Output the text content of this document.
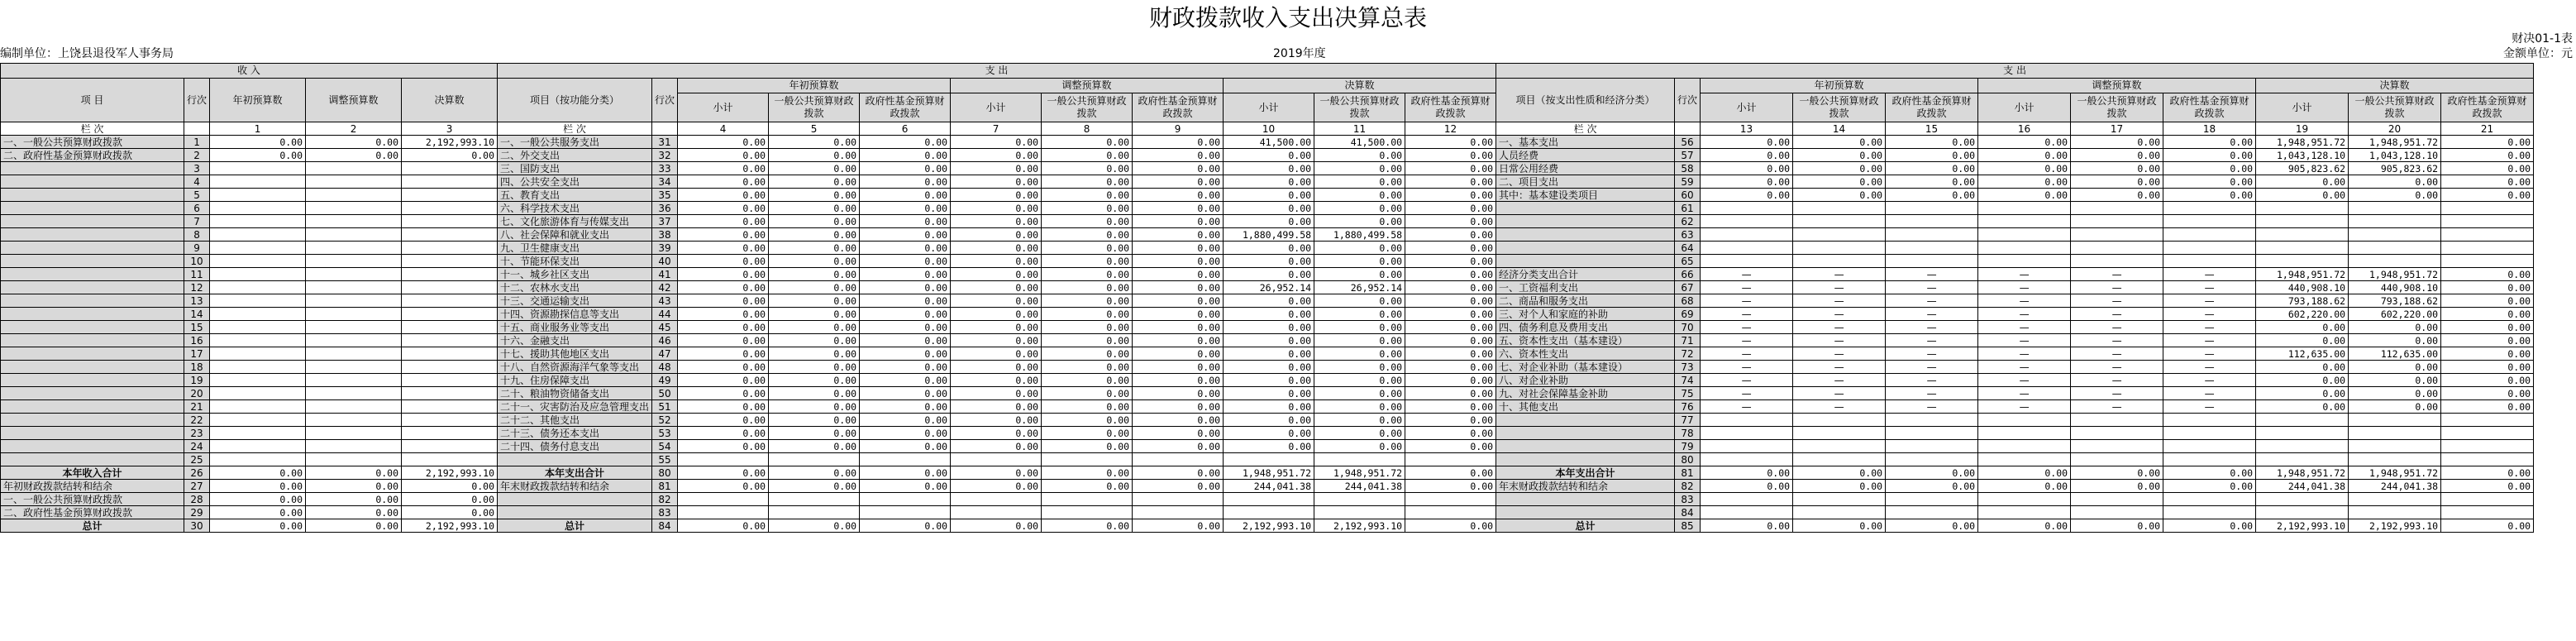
财政拨款收入支出决算总表
编制单位：上饶县退役军人事务局	2019年度
财决01-1表
金额单位：元
收 入					支 出											支 出										
项 目	行次	年初预算数	调整预算数	决算数	项目（按功能分类）	行次	年初预算数			调整预算数			决算数			项目（按支出性质和经济分类）	行次	年初预算数			调整预算数			决算数		
							小计	一般公共预算财政拨款	政府性基金预算财政拨款	小计	一般公共预算财政拨款	政府性基金预算财政拨款	小计	一般公共预算财政拨款	政府性基金预算财政拨款			小计	一般公共预算财政拨款	政府性基金预算财政拨款	小计	一般公共预算财政拨款	政府性基金预算财政拨款	小计	一般公共预算财政拨款	政府性基金预算财政拨款
栏 次		1	2	3	栏 次		4	5	6	7	8	9	10	11	12	栏 次		13	14	15	16	17	18	19	20	21
一、一般公共预算财政拨款	1	0.00	0.00	2,192,993.10	一、一般公共服务支出	31	0.00	0.00	0.00	0.00	0.00	0.00	41,500.00	41,500.00	0.00	一、基本支出	56	0.00	0.00	0.00	0.00	0.00	0.00	1,948,951.72	1,948,951.72	0.00
二、政府性基金预算财政拨款	2	0.00	0.00	0.00	二、外交支出	32	0.00	0.00	0.00	0.00	0.00	0.00	0.00	0.00	0.00	人员经费	57	0.00	0.00	0.00	0.00	0.00	0.00	1,043,128.10	1,043,128.10	0.00
	3				三、国防支出	33	0.00	0.00	0.00	0.00	0.00	0.00	0.00	0.00	0.00	日常公用经费	58	0.00	0.00	0.00	0.00	0.00	0.00	905,823.62	905,823.62	0.00
	4				四、公共安全支出	34	0.00	0.00	0.00	0.00	0.00	0.00	0.00	0.00	0.00	二、项目支出	59	0.00	0.00	0.00	0.00	0.00	0.00	0.00	0.00	0.00
	5				五、教育支出	35	0.00	0.00	0.00	0.00	0.00	0.00	0.00	0.00	0.00	其中：基本建设类项目	60	0.00	0.00	0.00	0.00	0.00	0.00	0.00	0.00	0.00
	6				六、科学技术支出	36	0.00	0.00	0.00	0.00	0.00	0.00	0.00	0.00	0.00		61									
	7				七、文化旅游体育与传媒支出	37	0.00	0.00	0.00	0.00	0.00	0.00	0.00	0.00	0.00		62									
	8				八、社会保障和就业支出	38	0.00	0.00	0.00	0.00	0.00	0.00	1,880,499.58	1,880,499.58	0.00		63									
	9				九、卫生健康支出	39	0.00	0.00	0.00	0.00	0.00	0.00	0.00	0.00	0.00		64									
	10				十、节能环保支出	40	0.00	0.00	0.00	0.00	0.00	0.00	0.00	0.00	0.00		65									
	11				十一、城乡社区支出	41	0.00	0.00	0.00	0.00	0.00	0.00	0.00	0.00	0.00	经济分类支出合计	66	—	—	—	—	—	—	1,948,951.72	1,948,951.72	0.00
	12				十二、农林水支出	42	0.00	0.00	0.00	0.00	0.00	0.00	26,952.14	26,952.14	0.00	一、工资福利支出	67	—	—	—	—	—	—	440,908.10	440,908.10	0.00
	13				十三、交通运输支出	43	0.00	0.00	0.00	0.00	0.00	0.00	0.00	0.00	0.00	二、商品和服务支出	68	—	—	—	—	—	—	793,188.62	793,188.62	0.00
	14				十四、资源勘探信息等支出	44	0.00	0.00	0.00	0.00	0.00	0.00	0.00	0.00	0.00	三、对个人和家庭的补助	69	—	—	—	—	—	—	602,220.00	602,220.00	0.00
	15				十五、商业服务业等支出	45	0.00	0.00	0.00	0.00	0.00	0.00	0.00	0.00	0.00	四、债务利息及费用支出	70	—	—	—	—	—	—	0.00	0.00	0.00
	16				十六、金融支出	46	0.00	0.00	0.00	0.00	0.00	0.00	0.00	0.00	0.00	五、资本性支出（基本建设）	71	—	—	—	—	—	—	0.00	0.00	0.00
	17				十七、援助其他地区支出	47	0.00	0.00	0.00	0.00	0.00	0.00	0.00	0.00	0.00	六、资本性支出	72	—	—	—	—	—	—	112,635.00	112,635.00	0.00
	18				十八、自然资源海洋气象等支出	48	0.00	0.00	0.00	0.00	0.00	0.00	0.00	0.00	0.00	七、对企业补助（基本建设）	73	—	—	—	—	—	—	0.00	0.00	0.00
	19				十九、住房保障支出	49	0.00	0.00	0.00	0.00	0.00	0.00	0.00	0.00	0.00	八、对企业补助	74	—	—	—	—	—	—	0.00	0.00	0.00
	20				二十、粮油物资储备支出	50	0.00	0.00	0.00	0.00	0.00	0.00	0.00	0.00	0.00	九、对社会保障基金补助	75	—	—	—	—	—	—	0.00	0.00	0.00
	21				二十一、灾害防治及应急管理支出	51	0.00	0.00	0.00	0.00	0.00	0.00	0.00	0.00	0.00	十、其他支出	76	—	—	—	—	—	—	0.00	0.00	0.00
	22				二十二、其他支出	52	0.00	0.00	0.00	0.00	0.00	0.00	0.00	0.00	0.00		77									
	23				二十三、债务还本支出	53	0.00	0.00	0.00	0.00	0.00	0.00	0.00	0.00	0.00		78									
	24				二十四、债务付息支出	54	0.00	0.00	0.00	0.00	0.00	0.00	0.00	0.00	0.00		79									
	25					55											80									
本年收入合计	26	0.00	0.00	2,192,993.10	本年支出合计	80	0.00	0.00	0.00	0.00	0.00	0.00	1,948,951.72	1,948,951.72	0.00	本年支出合计	81	0.00	0.00	0.00	0.00	0.00	0.00	1,948,951.72	1,948,951.72	0.00
年初财政拨款结转和结余	27	0.00	0.00	0.00	年末财政拨款结转和结余	81	0.00	0.00	0.00	0.00	0.00	0.00	244,041.38	244,041.38	0.00	年末财政拨款结转和结余	82	0.00	0.00	0.00	0.00	0.00	0.00	244,041.38	244,041.38	0.00
一、一般公共预算财政拨款	28	0.00	0.00	0.00		82											83									
二、政府性基金预算财政拨款	29	0.00	0.00	0.00		83											84									
总计	30	0.00	0.00	2,192,993.10	总计	84	0.00	0.00	0.00	0.00	0.00	0.00	2,192,993.10	2,192,993.10	0.00	总计	85	0.00	0.00	0.00	0.00	0.00	0.00	2,192,993.10	2,192,993.10	0.00
